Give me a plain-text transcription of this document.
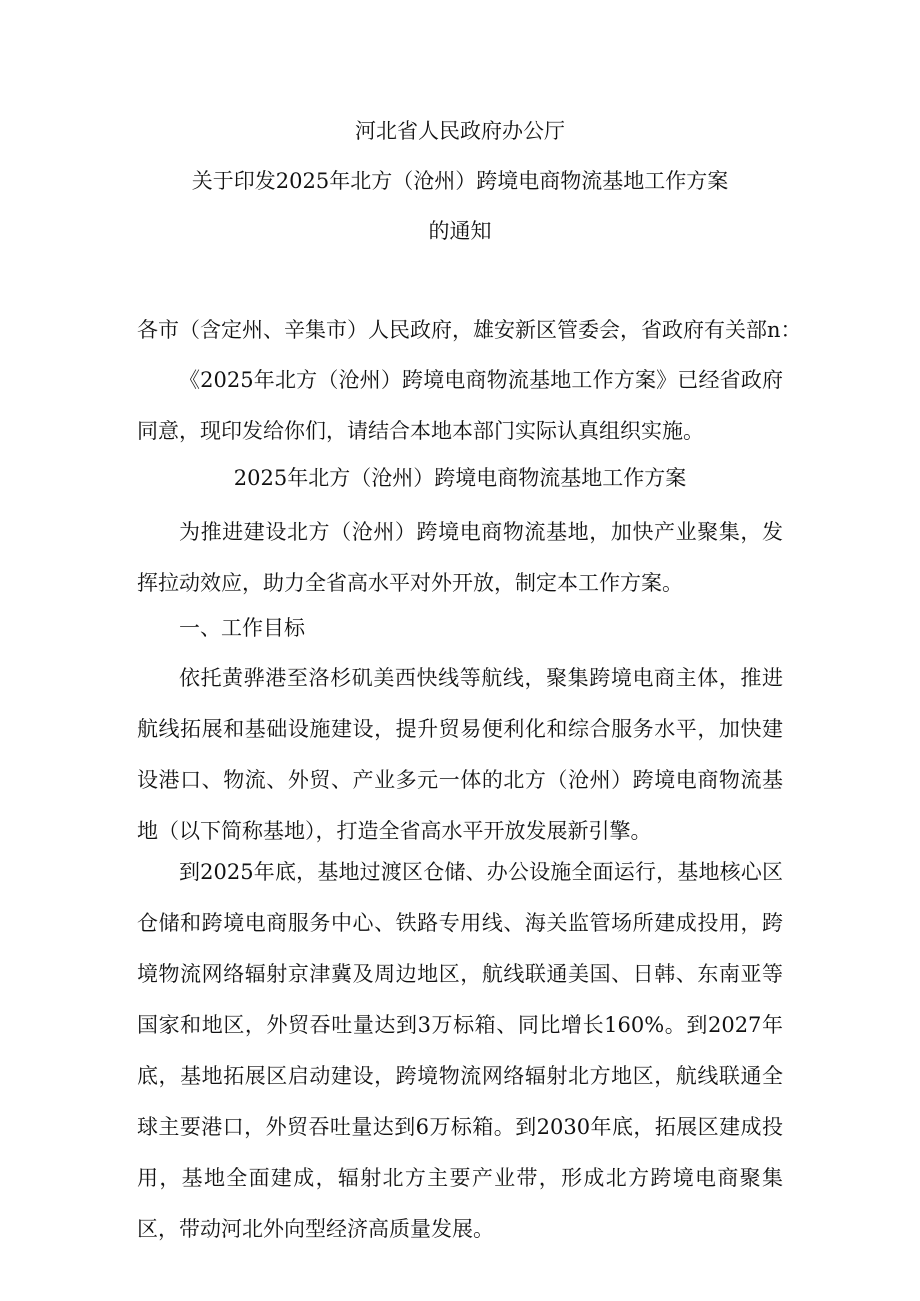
河北省人民政府办公厅
关于印发2025年北方（沧州）跨境电商物流基地工作方案
的通知
各市（含定州、辛集市）人民政府，雄安新区管委会，省政府有关部n：

《2025年北方（沧州）跨境电商物流基地工作方案》已经省政府同意，现印发给你们，请结合本地本部门实际认真组织实施。

2025年北方（沧州）跨境电商物流基地工作方案

为推进建设北方（沧州）跨境电商物流基地，加快产业聚集，发挥拉动效应，助力全省高水平对外开放，制定本工作方案。

一、工作目标

依托黄骅港至洛杉矶美西快线等航线，聚集跨境电商主体，推进航线拓展和基础设施建设，提升贸易便利化和综合服务水平，加快建设港口、物流、外贸、产业多元一体的北方（沧州）跨境电商物流基地（以下简称基地），打造全省高水平开放发展新引擎。

到2025年底，基地过渡区仓储、办公设施全面运行，基地核心区仓储和跨境电商服务中心、铁路专用线、海关监管场所建成投用，跨境物流网络辐射京津冀及周边地区，航线联通美国、日韩、东南亚等国家和地区，外贸吞吐量达到3万标箱、同比增长160%。到2027年底，基地拓展区启动建设，跨境物流网络辐射北方地区，航线联通全球主要港口，外贸吞吐量达到6万标箱。到2030年底，拓展区建成投用，基地全面建成，辐射北方主要产业带，形成北方跨境电商聚集区，带动河北外向型经济高质量发展。
